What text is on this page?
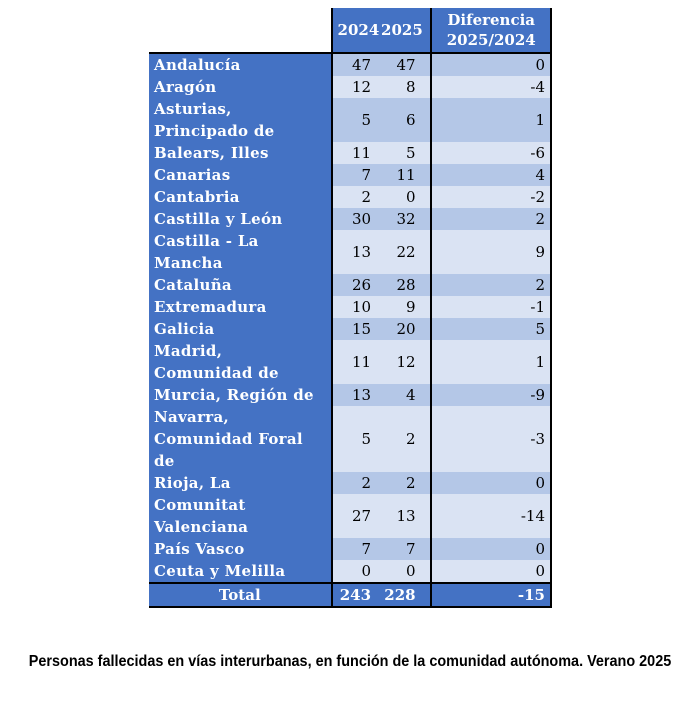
	2024	2025		Diferencia
2025/2024

Andalucía	47	47		0

Aragón	12	8		-4

Asturias,
Principado de	5	6		1

Balears, Illes	11	5		-6

Canarias	7	11		4

Cantabria	2	0		-2

Castilla y León	30	32		2

Castilla - La
Mancha	13	22		9

Cataluña	26	28		2

Extremadura	10	9		-1

Galicia	15	20		5

Madrid,
Comunidad de	11	12		1

Murcia, Región de	13	4		-9

Navarra,
Comunidad Foral
de	5	2		-3

Rioja, La	2	2		0

Comunitat
Valenciana	27	13		-14

País Vasco	7	7		0

Ceuta y Melilla	0	0		0
Total	243	228		-15
Personas fallecidas en vías interurbanas, en función de la comunidad autónoma. Verano 2025
